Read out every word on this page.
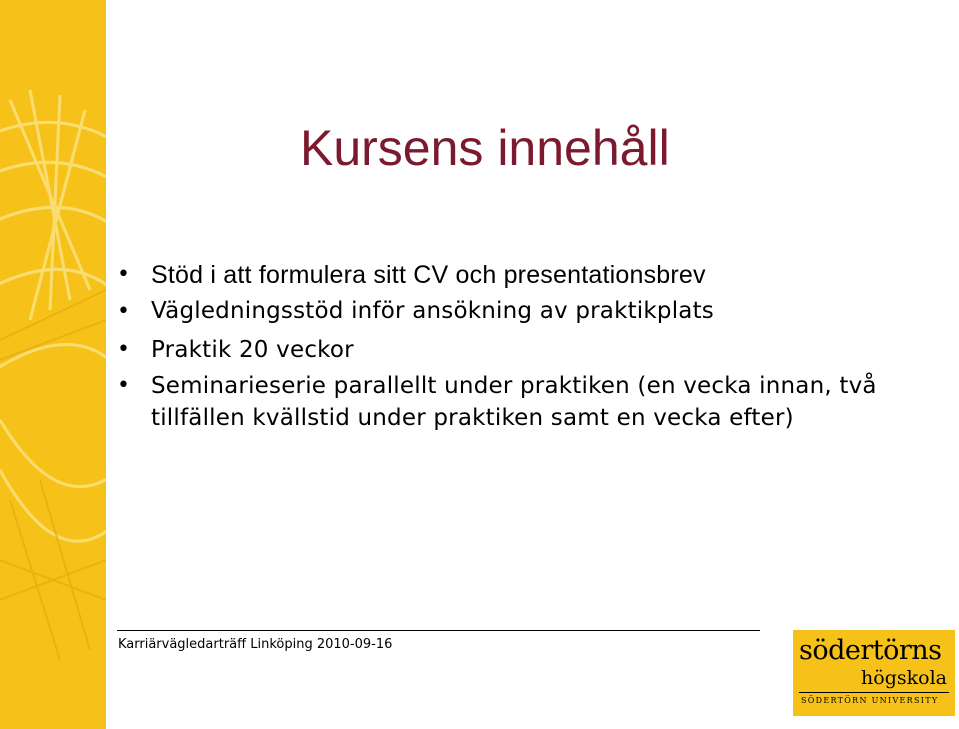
Kursens innehåll
• Stöd i att formulera sitt CV och presentationsbrev
• Vägledningsstöd inför ansökning av praktikplats
• Praktik 20 veckor
• Seminarieserie parallellt under praktiken (en vecka innan, två tillfällen kvällstid under praktiken samt en vecka efter)
Karriärvägledarträff Linköping 2010-09-16	södertörns
högskola
SÖDERTÖRN UNIVERSITY
